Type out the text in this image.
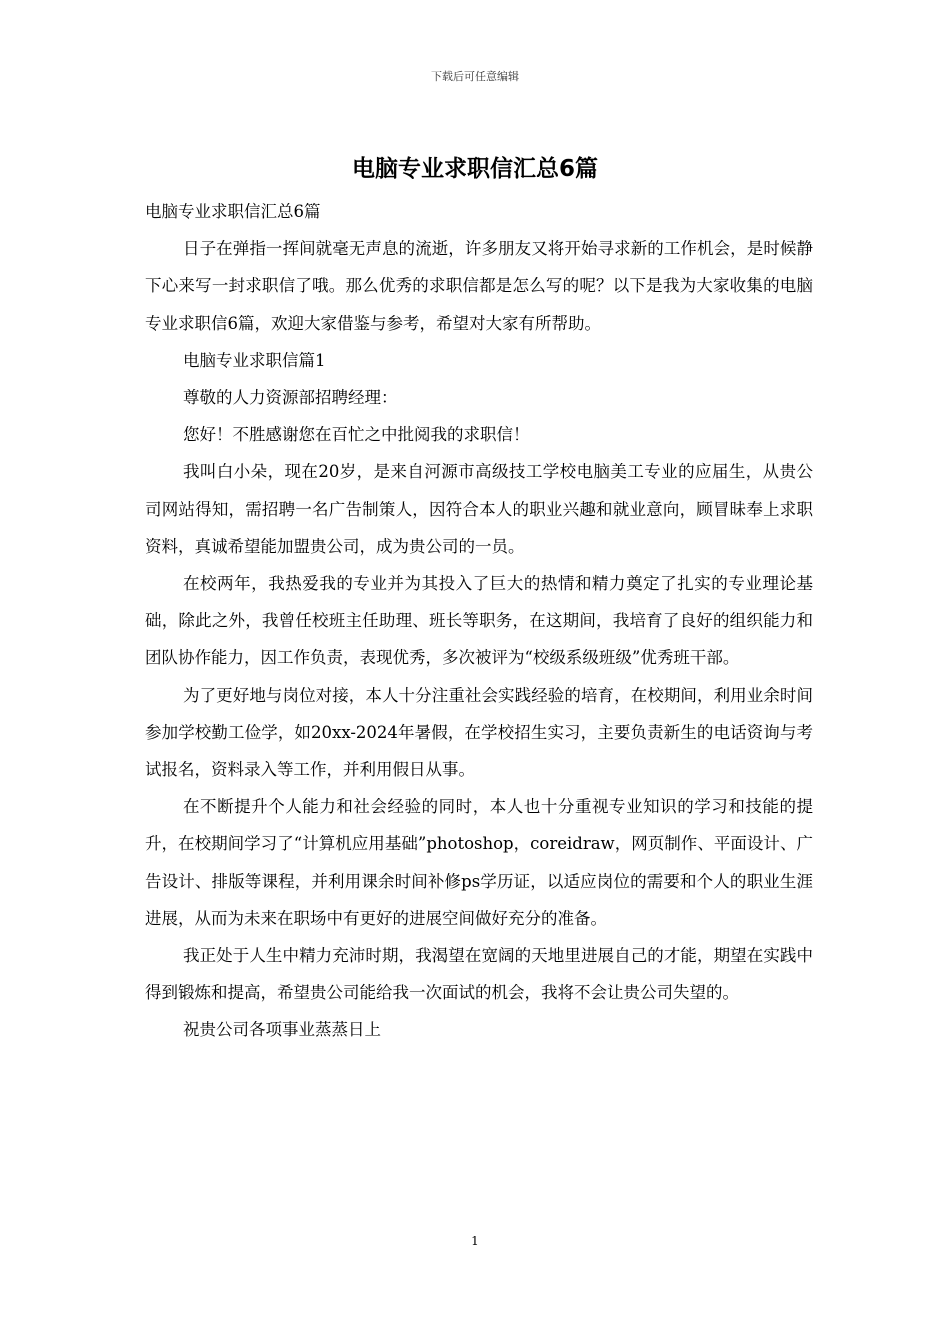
下载后可任意编辑
电脑专业求职信汇总6篇

电脑专业求职信汇总6篇

日子在弹指一挥间就毫无声息的流逝，许多朋友又将开始寻求新的工作机会，是时候静下心来写一封求职信了哦。那么优秀的求职信都是怎么写的呢？以下是我为大家收集的电脑专业求职信6篇，欢迎大家借鉴与参考，希望对大家有所帮助。

电脑专业求职信篇1

尊敬的人力资源部招聘经理：

您好！不胜感谢您在百忙之中批阅我的求职信！

我叫白小朵，现在20岁，是来自河源市高级技工学校电脑美工专业的应届生，从贵公司网站得知，需招聘一名广告制策人，因符合本人的职业兴趣和就业意向，顾冒昧奉上求职资料，真诚希望能加盟贵公司，成为贵公司的一员。

在校两年，我热爱我的专业并为其投入了巨大的热情和精力奠定了扎实的专业理论基础，除此之外，我曾任校班主任助理、班长等职务，在这期间，我培育了良好的组织能力和团队协作能力，因工作负责，表现优秀，多次被评为“校级系级班级”优秀班干部。

为了更好地与岗位对接，本人十分注重社会实践经验的培育，在校期间，利用业余时间参加学校勤工俭学，如20xx-2024年暑假，在学校招生实习，主要负责新生的电话资询与考试报名，资料录入等工作，并利用假日从事。

在不断提升个人能力和社会经验的同时，本人也十分重视专业知识的学习和技能的提升，在校期间学习了“计算机应用基础”photoshop，coreidraw，网页制作、平面设计、广告设计、排版等课程，并利用课余时间补修ps学历证，以适应岗位的需要和个人的职业生涯进展，从而为未来在职场中有更好的进展空间做好充分的准备。

我正处于人生中精力充沛时期，我渴望在宽阔的天地里进展自己的才能，期望在实践中得到锻炼和提高，希望贵公司能给我一次面试的机会，我将不会让贵公司失望的。

祝贵公司各项事业蒸蒸日上

1
